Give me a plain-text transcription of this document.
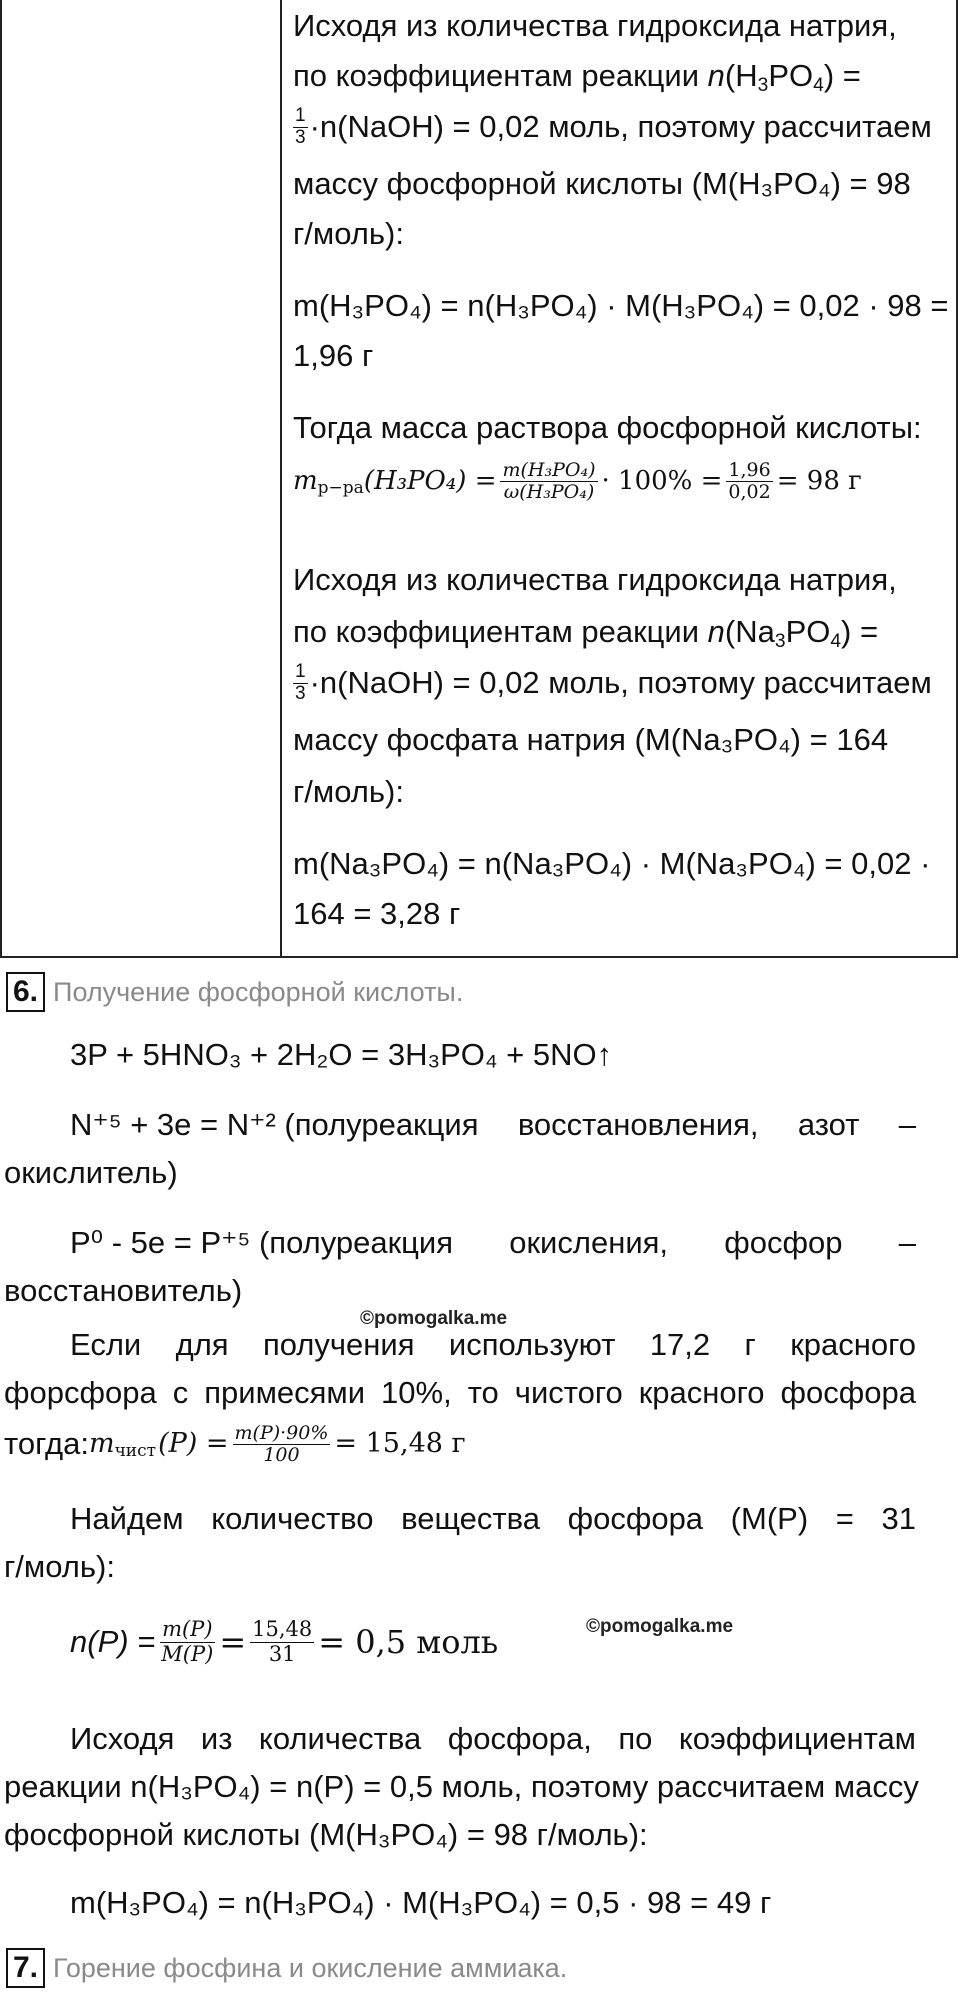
Исходя из количества гидроксида натрия,
по коэффициентам реакции $n(H_3PO_4)$ =
$\frac{1}{3}$ ·n(NaOH) = 0,02 моль, поэтому рассчитаем
массу фосфорной кислоты (M(H₃PO₄) = 98
г/моль):
m(H₃PO₄) = n(H₃PO₄) · M(H₃PO₄) = 0,02 · 98 =
1,96 г
Тогда масса раствора фосфорной кислоты:
m р−ра $(H_3PO_4) = \frac{\text{m(H₃PO₄)}}{\text{ω(H₃PO₄)}} \cdot 100\% = \frac{1,96}{0,02} = 98$ г
Исходя из количества гидроксида натрия,
по коэффициентам реакции $n(Na_3PO_4)$ =
$\frac{1}{3}$ ·n(NaOH) = 0,02 моль, поэтому рассчитаем
массу фосфата натрия (M(Na₃PO₄) = 164
г/моль):
m(Na₃PO₄) = n(Na₃PO₄) · M(Na₃PO₄) = 0,02 ·
164 = 3,28 г
6. Получение фосфорной кислоты.
3P + 5HNO₃ + 2H₂O = 3H₃PO₄ + 5NO↑
N⁺⁵ + 3e = N⁺² (полуреакция восстановления, азот –
окислитель)
P⁰ - 5e = P⁺⁵ (полуреакция окисления, фосфор –
восстановитель)
©pomogalka.me
Если для получения используют 17,2 г красного
форсфора с примесями 10%, то чистого красного фосфора
тогда: m чист $(P) = \frac{m(P)\cdot 90\%}{100} = 15,48$ г
Найдем количество вещества фосфора (M(P) = 31
г/моль):
$n(P) = \frac{m(P)}{M(P)} = \frac{15,48}{31} = 0,5$ моль	©pomogalka.me
Исходя из количества фосфора, по коэффициентам
реакции n(H₃PO₄) = n(P) = 0,5 моль, поэтому рассчитаем массу
фосфорной кислоты (M(H₃PO₄) = 98 г/моль):
m(H₃PO₄) = n(H₃PO₄) · M(H₃PO₄) = 0,5 · 98 = 49 г
7. Горение фосфина и окисление аммиака.
